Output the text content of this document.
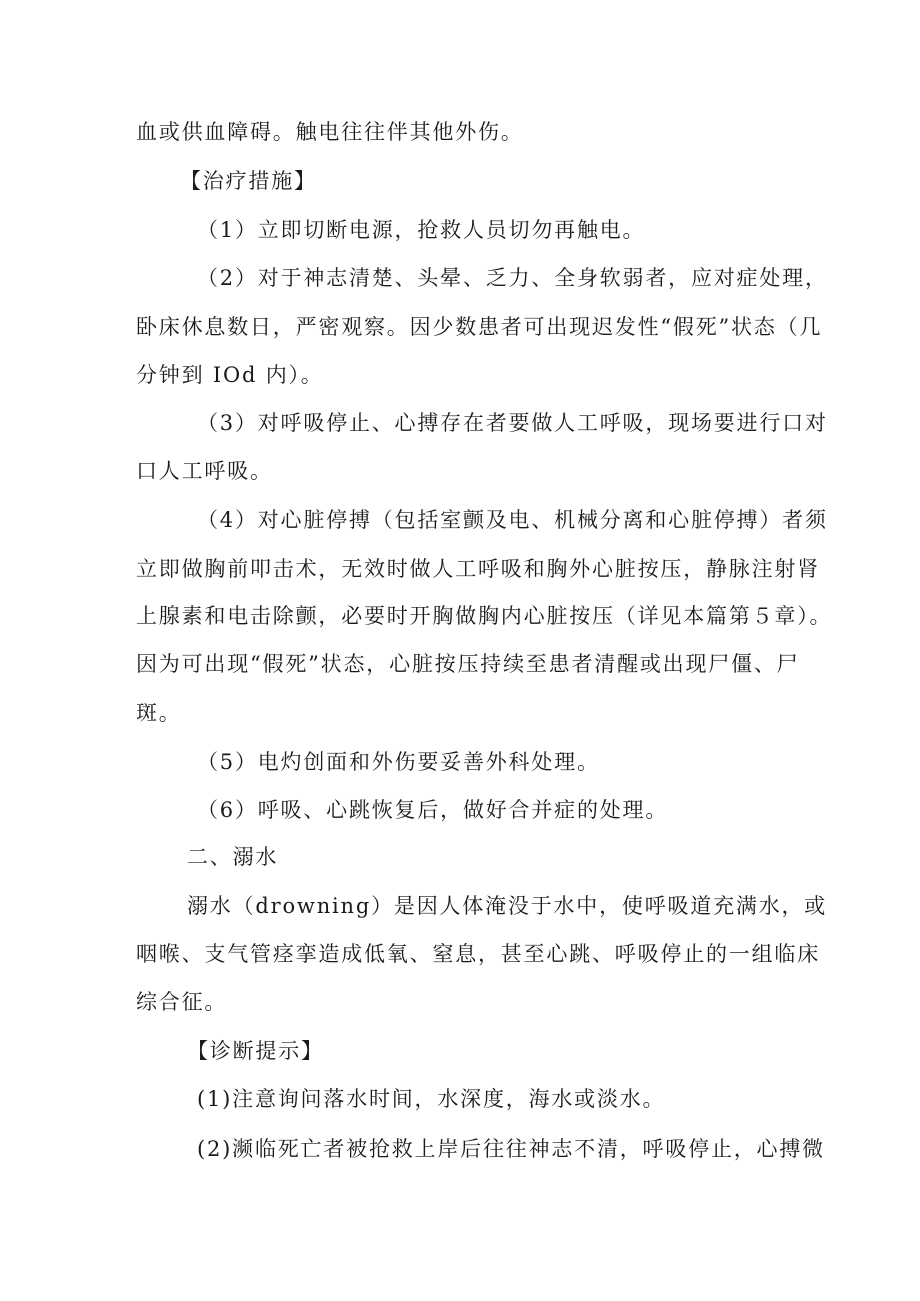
血或供血障碍。触电往往伴其他外伤。
【治疗措施】
（1）立即切断电源，抢救人员切勿再触电。
（2）对于神志清楚、头晕、乏力、全身软弱者，应对症处理，
卧床休息数日，严密观察。因少数患者可出现迟发性“假死”状态（几
分钟到 IOd 内）。
（3）对呼吸停止、心搏存在者要做人工呼吸，现场要进行口对
口人工呼吸。
（4）对心脏停搏（包括室颤及电、机械分离和心脏停搏）者须
立即做胸前叩击术，无效时做人工呼吸和胸外心脏按压，静脉注射肾
上腺素和电击除颤，必要时开胸做胸内心脏按压（详见本篇第５章）。
因为可出现“假死”状态，心脏按压持续至患者清醒或出现尸僵、尸
斑。
（5）电灼创面和外伤要妥善外科处理。
（6）呼吸、心跳恢复后，做好合并症的处理。
二、溺水
溺水（drowning）是因人体淹没于水中，使呼吸道充满水，或
咽喉、支气管痉挛造成低氧、窒息，甚至心跳、呼吸停止的一组临床
综合征。
【诊断提示】
(1)注意询问落水时间，水深度，海水或淡水。
(2)濒临死亡者被抢救上岸后往往神志不清，呼吸停止，心搏微
